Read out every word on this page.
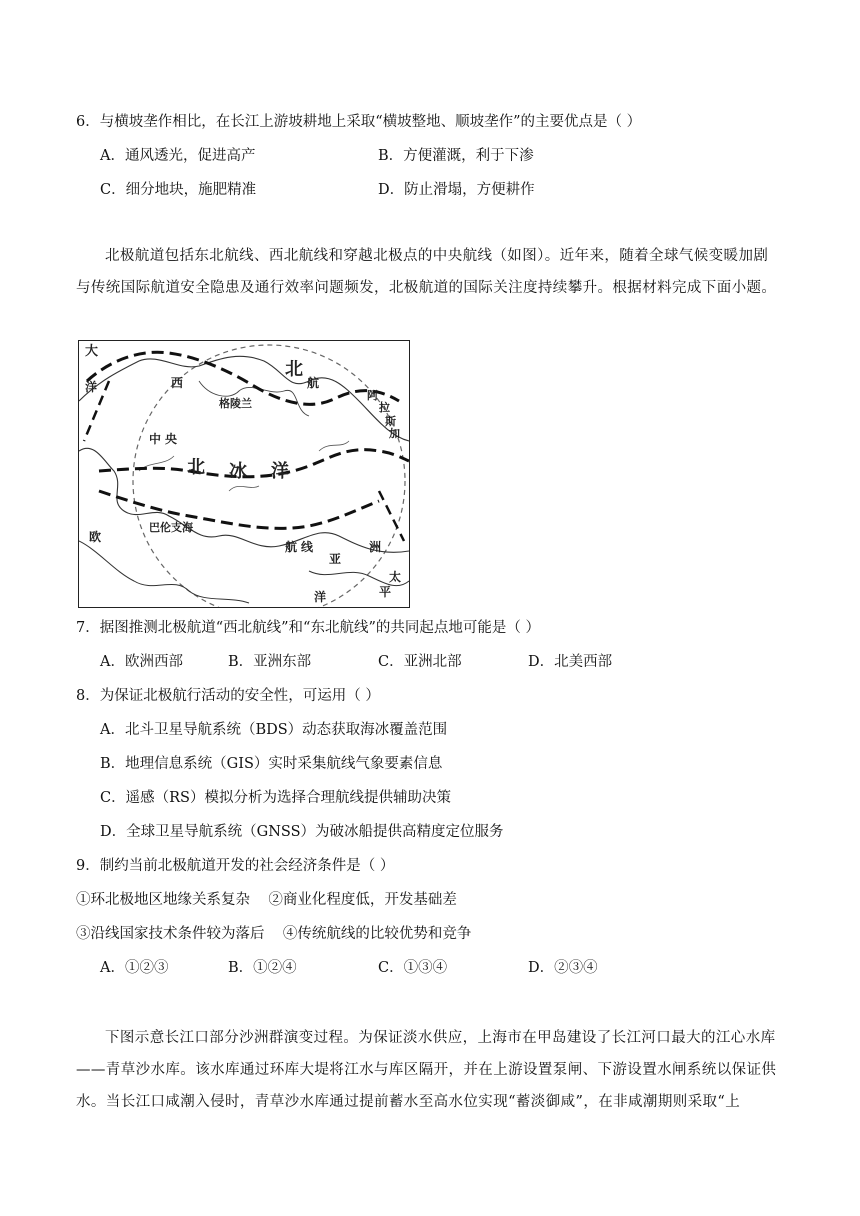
6．与横坡垄作相比，在长江上游坡耕地上采取“横坡整地、顺坡垄作”的主要优点是（ ）
A．通风透光，促进高产	B．方便灌溉，利于下渗
C．细分地块，施肥精准	D．防止滑塌，方便耕作
北极航道包括东北航线、西北航线和穿越北极点的中央航线（如图）。近年来，随着全球气候变暖加剧与传统国际航道安全隐患及通行效率问题频发，北极航道的国际关注度持续攀升。根据材料完成下面小题。
大
洋	西
北
航
中 央
北 冰 洋
航 线
巴伦支海
欧
亚
洲
太
平
洋
阿
拉
斯
加
格陵兰
7．据图推测北极航道“西北航线”和“东北航线”的共同起点地可能是（ ）
A．欧洲西部	B．亚洲东部	C．亚洲北部	D．北美西部
8．为保证北极航行活动的安全性，可运用（ ）
A．北斗卫星导航系统（BDS）动态获取海冰覆盖范围
B．地理信息系统（GIS）实时采集航线气象要素信息
C．遥感（RS）模拟分析为选择合理航线提供辅助决策
D．全球卫星导航系统（GNSS）为破冰船提供高精度定位服务
9．制约当前北极航道开发的社会经济条件是（ ）
①环北极地区地缘关系复杂    ②商业化程度低，开发基础差
③沿线国家技术条件较为落后    ④传统航线的比较优势和竞争
A．①②③	B．①②④	C．①③④	D．②③④
下图示意长江口部分沙洲群演变过程。为保证淡水供应，上海市在甲岛建设了长江河口最大的江心水库——青草沙水库。该水库通过环库大堤将江水与库区隔开，并在上游设置泵闸、下游设置水闸系统以保证供水。当长江口咸潮入侵时，青草沙水库通过提前蓄水至高水位实现“蓄淡御咸”，在非咸潮期则采取“上
